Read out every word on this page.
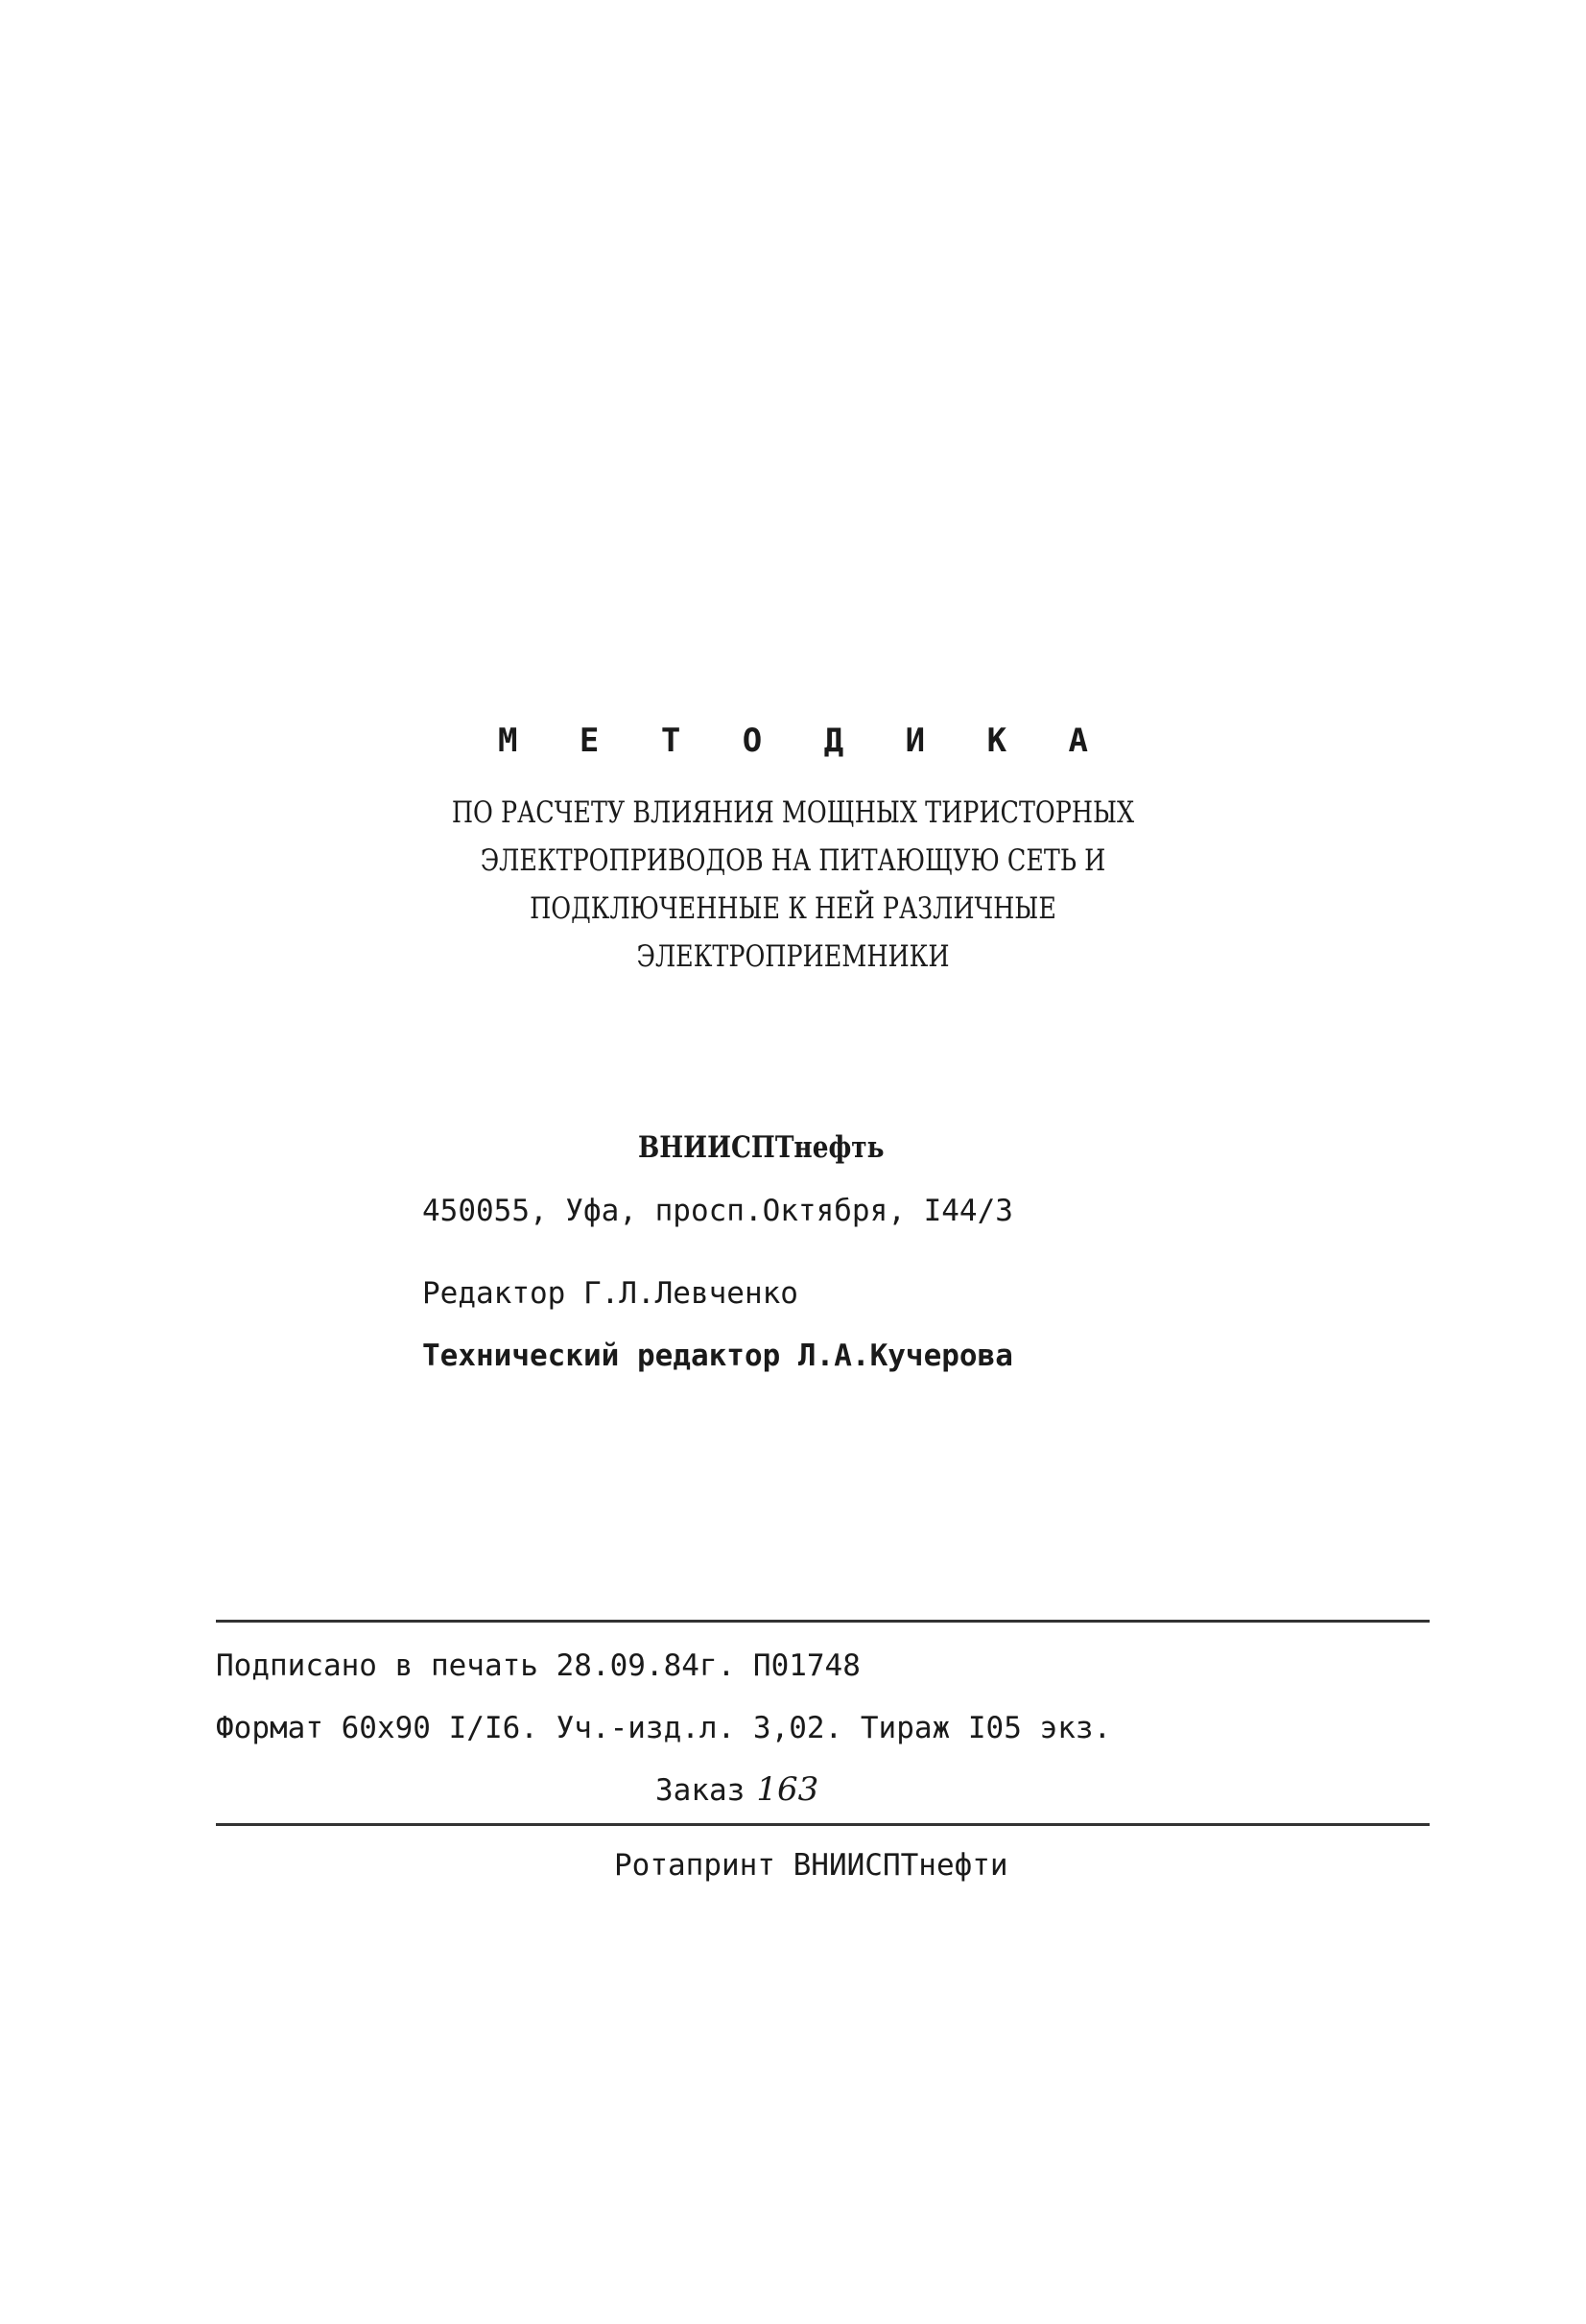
М Е Т О Д И К А
ПО РАСЧЕТУ ВЛИЯНИЯ МОЩНЫХ ТИРИСТОРНЫХ
ЭЛЕКТРОПРИВОДОВ НА ПИТАЮЩУЮ СЕТЬ И
ПОДКЛЮЧЕННЫЕ К НЕЙ РАЗЛИЧНЫЕ
ЭЛЕКТРОПРИЕМНИКИ
ВНИИСПТнефть
450055, Уфа, просп.Октября, I44/3
Редактор Г.Л.Левченко
Технический редактор Л.А.Кучерова
Подписано в печать 28.09.84г. П01748
Формат 60х90 I/I6. Уч.-изд.л. 3,02. Тираж I05 экз.
Заказ 163
Ротапринт ВНИИСПТнефти
